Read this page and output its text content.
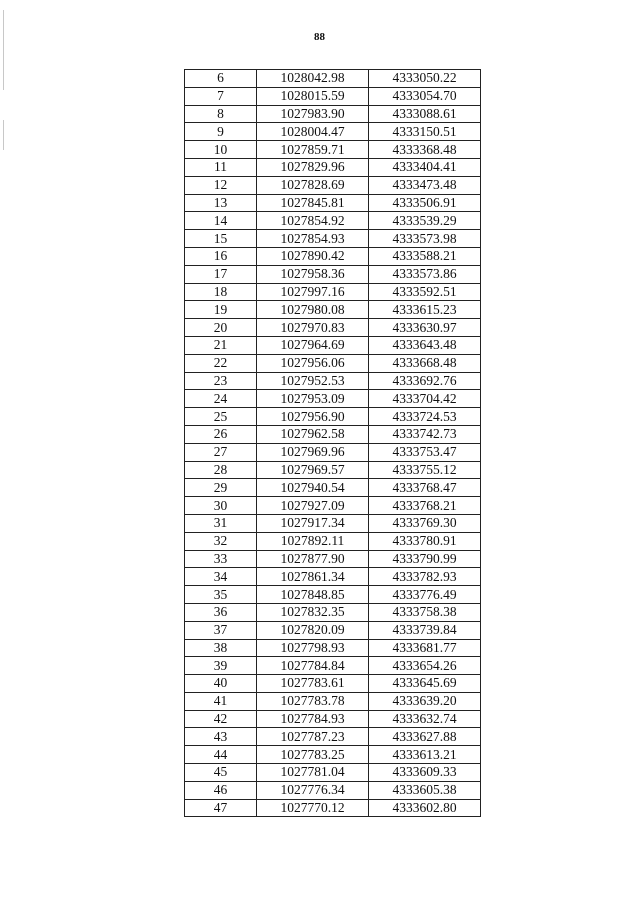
88
6	1028042.98	4333050.22
7	1028015.59	4333054.70
8	1027983.90	4333088.61
9	1028004.47	4333150.51
10	1027859.71	4333368.48
11	1027829.96	4333404.41
12	1027828.69	4333473.48
13	1027845.81	4333506.91
14	1027854.92	4333539.29
15	1027854.93	4333573.98
16	1027890.42	4333588.21
17	1027958.36	4333573.86
18	1027997.16	4333592.51
19	1027980.08	4333615.23
20	1027970.83	4333630.97
21	1027964.69	4333643.48
22	1027956.06	4333668.48
23	1027952.53	4333692.76
24	1027953.09	4333704.42
25	1027956.90	4333724.53
26	1027962.58	4333742.73
27	1027969.96	4333753.47
28	1027969.57	4333755.12
29	1027940.54	4333768.47
30	1027927.09	4333768.21
31	1027917.34	4333769.30
32	1027892.11	4333780.91
33	1027877.90	4333790.99
34	1027861.34	4333782.93
35	1027848.85	4333776.49
36	1027832.35	4333758.38
37	1027820.09	4333739.84
38	1027798.93	4333681.77
39	1027784.84	4333654.26
40	1027783.61	4333645.69
41	1027783.78	4333639.20
42	1027784.93	4333632.74
43	1027787.23	4333627.88
44	1027783.25	4333613.21
45	1027781.04	4333609.33
46	1027776.34	4333605.38
47	1027770.12	4333602.80
